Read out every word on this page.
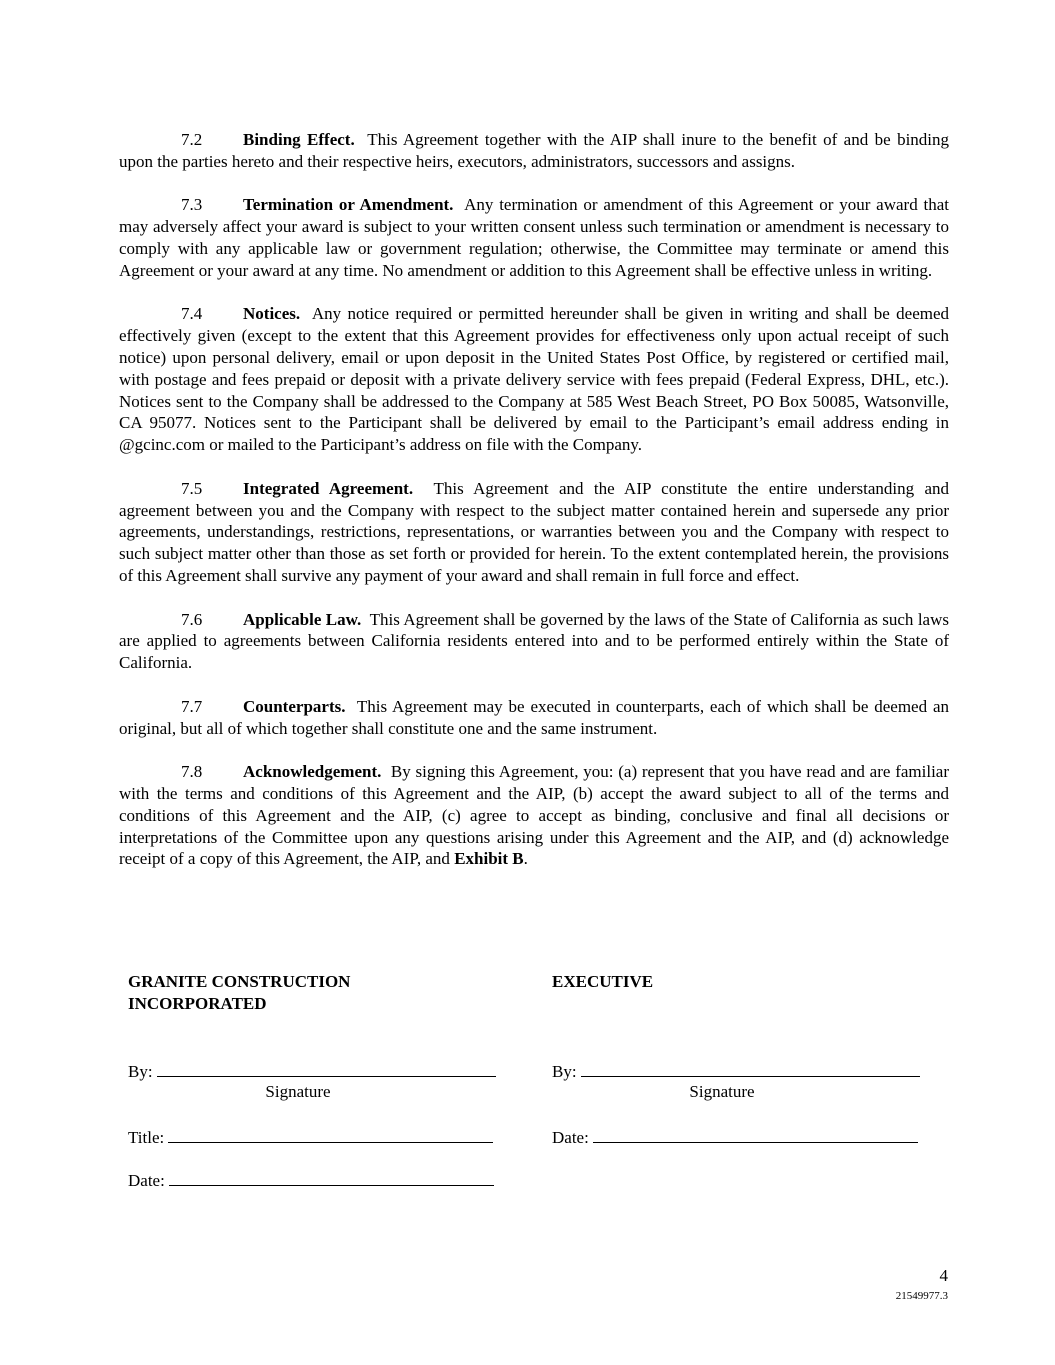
7.2 Binding Effect. This Agreement together with the AIP shall inure to the benefit of and be binding upon the parties hereto and their respective heirs, executors, administrators, successors and assigns.

7.3 Termination or Amendment. Any termination or amendment of this Agreement or your award that may adversely affect your award is subject to your written consent unless such termination or amendment is necessary to comply with any applicable law or government regulation; otherwise, the Committee may terminate or amend this Agreement or your award at any time. No amendment or addition to this Agreement shall be effective unless in writing.

7.4 Notices. Any notice required or permitted hereunder shall be given in writing and shall be deemed effectively given (except to the extent that this Agreement provides for effectiveness only upon actual receipt of such notice) upon personal delivery, email or upon deposit in the United States Post Office, by registered or certified mail, with postage and fees prepaid or deposit with a private delivery service with fees prepaid (Federal Express, DHL, etc.). Notices sent to the Company shall be addressed to the Company at 585 West Beach Street, PO Box 50085, Watsonville, CA 95077. Notices sent to the Participant shall be delivered by email to the Participant’s email address ending in @gcinc.com or mailed to the Participant’s address on file with the Company.

7.5 Integrated Agreement. This Agreement and the AIP constitute the entire understanding and agreement between you and the Company with respect to the subject matter contained herein and supersede any prior agreements, understandings, restrictions, representations, or warranties between you and the Company with respect to such subject matter other than those as set forth or provided for herein. To the extent contemplated herein, the provisions of this Agreement shall survive any payment of your award and shall remain in full force and effect.

7.6 Applicable Law. This Agreement shall be governed by the laws of the State of California as such laws are applied to agreements between California residents entered into and to be performed entirely within the State of California.

7.7 Counterparts. This Agreement may be executed in counterparts, each of which shall be deemed an original, but all of which together shall constitute one and the same instrument.

7.8 Acknowledgement. By signing this Agreement, you: (a) represent that you have read and are familiar with the terms and conditions of this Agreement and the AIP, (b) accept the award subject to all of the terms and conditions of this Agreement and the AIP, (c) agree to accept as binding, conclusive and final all decisions or interpretations of the Committee upon any questions arising under this Agreement and the AIP, and (d) acknowledge receipt of a copy of this Agreement, the AIP, and Exhibit B.

GRANITE CONSTRUCTION
INCORPORATED
By:
Signature
Title:
Date:
EXECUTIVE
By:
Signature
Date:
4
21549977.3
